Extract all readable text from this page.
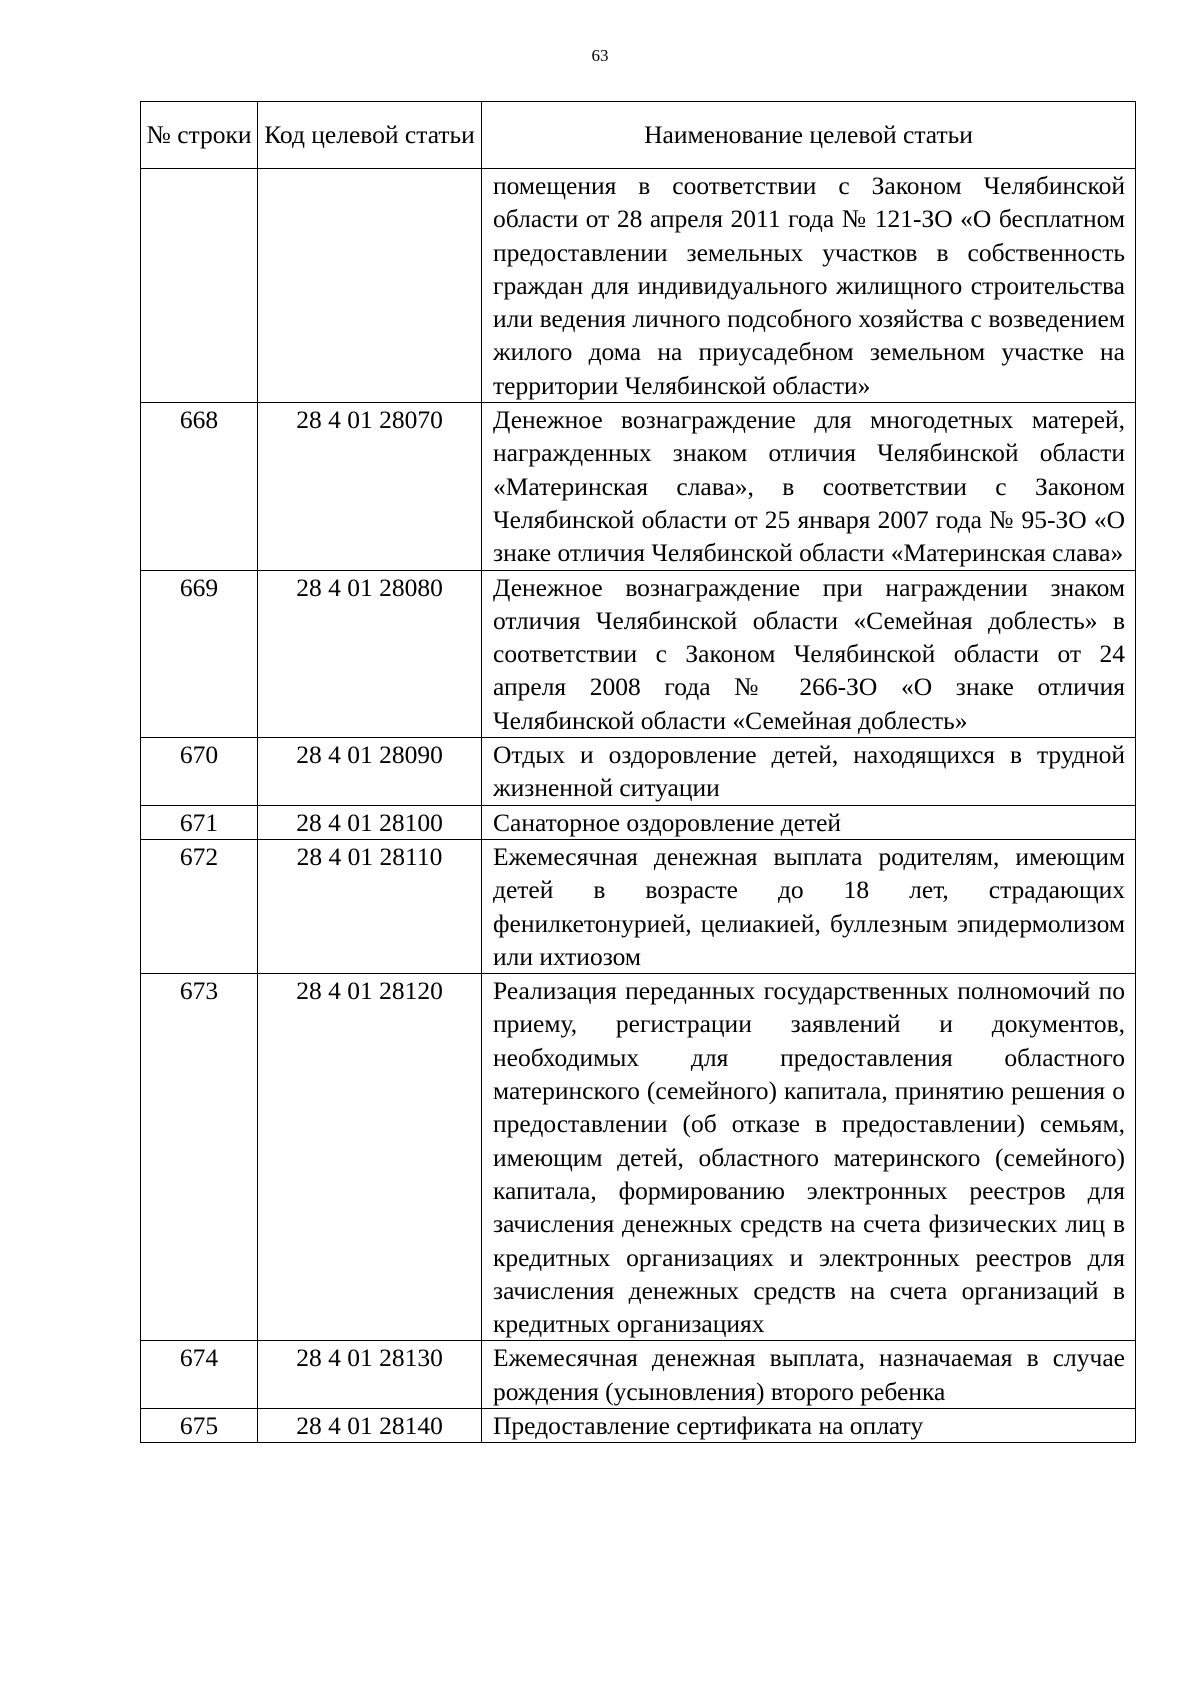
63
№ строки	Код целевой статьи	Наименование целевой статьи
		помещения в соответствии с Законом Челябинской области от 28 апреля 2011 года № 121-ЗО «О бесплатном предоставлении земельных участков в собственность граждан для индивидуального жилищного строительства или ведения личного подсобного хозяйства с возведением жилого дома на приусадебном земельном участке на территории Челябинской области»
668	28 4 01 28070	Денежное вознаграждение для многодетных матерей, награжденных знаком отличия Челябинской области «Материнская слава», в соответствии с Законом Челябинской области от 25 января 2007 года № 95-ЗО «О знаке отличия Челябинской области «Материнская слава»
669	28 4 01 28080	Денежное вознаграждение при награждении знаком отличия Челябинской области «Семейная доблесть» в соответствии с Законом Челябинской области от 24 апреля 2008 года № 266-ЗО «О знаке отличия Челябинской области «Семейная доблесть»
670	28 4 01 28090	Отдых и оздоровление детей, находящихся в трудной жизненной ситуации
671	28 4 01 28100	Санаторное оздоровление детей
672	28 4 01 28110	Ежемесячная денежная выплата родителям, имеющим детей в возрасте до 18 лет, страдающих фенилкетонурией, целиакией, буллезным эпидермолизом или ихтиозом
673	28 4 01 28120	Реализация переданных государственных полномочий по приему, регистрации заявлений и документов, необходимых для предоставления областного материнского (семейного) капитала, принятию решения о предоставлении (об отказе в предоставлении) семьям, имеющим детей, областного материнского (семейного) капитала, формированию электронных реестров для зачисления денежных средств на счета физических лиц в кредитных организациях и электронных реестров для зачисления денежных средств на счета организаций в кредитных организациях
674	28 4 01 28130	Ежемесячная денежная выплата, назначаемая в случае рождения (усыновления) второго ребенка
675	28 4 01 28140	Предоставление сертификата на оплату
